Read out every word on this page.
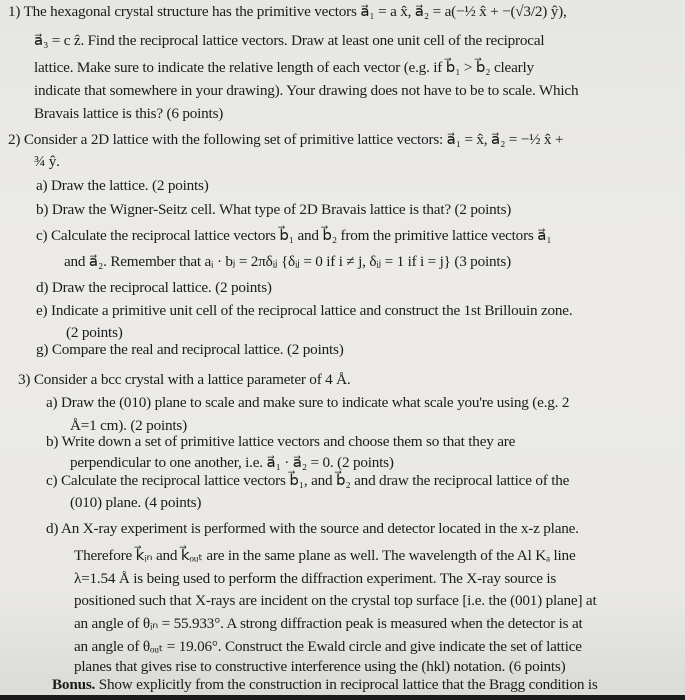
1) The hexagonal crystal structure has the primitive vectors a⃗₁ = a x̂, a⃗₂ = a(−½ x̂ + −(√3/2) ŷ),
a⃗₃ = c ẑ. Find the reciprocal lattice vectors. Draw at least one unit cell of the reciprocal
lattice. Make sure to indicate the relative length of each vector (e.g. if b⃗₁ > b⃗₂ clearly
indicate that somewhere in your drawing). Your drawing does not have to be to scale. Which
Bravais lattice is this? (6 points)
2) Consider a 2D lattice with the following set of primitive lattice vectors: a⃗₁ = x̂, a⃗₂ = −½ x̂ +
¾ ŷ.
a) Draw the lattice. (2 points)
b) Draw the Wigner-Seitz cell. What type of 2D Bravais lattice is that? (2 points)
c) Calculate the reciprocal lattice vectors b⃗₁ and b⃗₂ from the primitive lattice vectors a⃗₁
and a⃗₂. Remember that aᵢ · bⱼ = 2πδᵢⱼ {δᵢⱼ = 0 if i ≠ j, δᵢⱼ = 1 if i = j} (3 points)
d) Draw the reciprocal lattice. (2 points)
e) Indicate a primitive unit cell of the reciprocal lattice and construct the 1st Brillouin zone.
(2 points)
g) Compare the real and reciprocal lattice. (2 points)
3) Consider a bcc crystal with a lattice parameter of 4 Å.
a) Draw the (010) plane to scale and make sure to indicate what scale you're using (e.g. 2
Å=1 cm). (2 points)
b) Write down a set of primitive lattice vectors and choose them so that they are
perpendicular to one another, i.e. a⃗₁ · a⃗₂ = 0. (2 points)
c) Calculate the reciprocal lattice vectors b⃗₁, and b⃗₂ and draw the reciprocal lattice of the
(010) plane. (4 points)
d) An X-ray experiment is performed with the source and detector located in the x-z plane.
Therefore k⃗ᵢₙ and k⃗ₒᵤₜ are in the same plane as well. The wavelength of the Al Kₐ line
λ=1.54 Å is being used to perform the diffraction experiment. The X-ray source is
positioned such that X-rays are incident on the crystal top surface [i.e. the (001) plane] at
an angle of θᵢₙ = 55.933°. A strong diffraction peak is measured when the detector is at
an angle of θₒᵤₜ = 19.06°. Construct the Ewald circle and give indicate the set of lattice
planes that gives rise to constructive interference using the (hkl) notation. (6 points)
Bonus. Show explicitly from the construction in reciprocal lattice that the Bragg condition is
